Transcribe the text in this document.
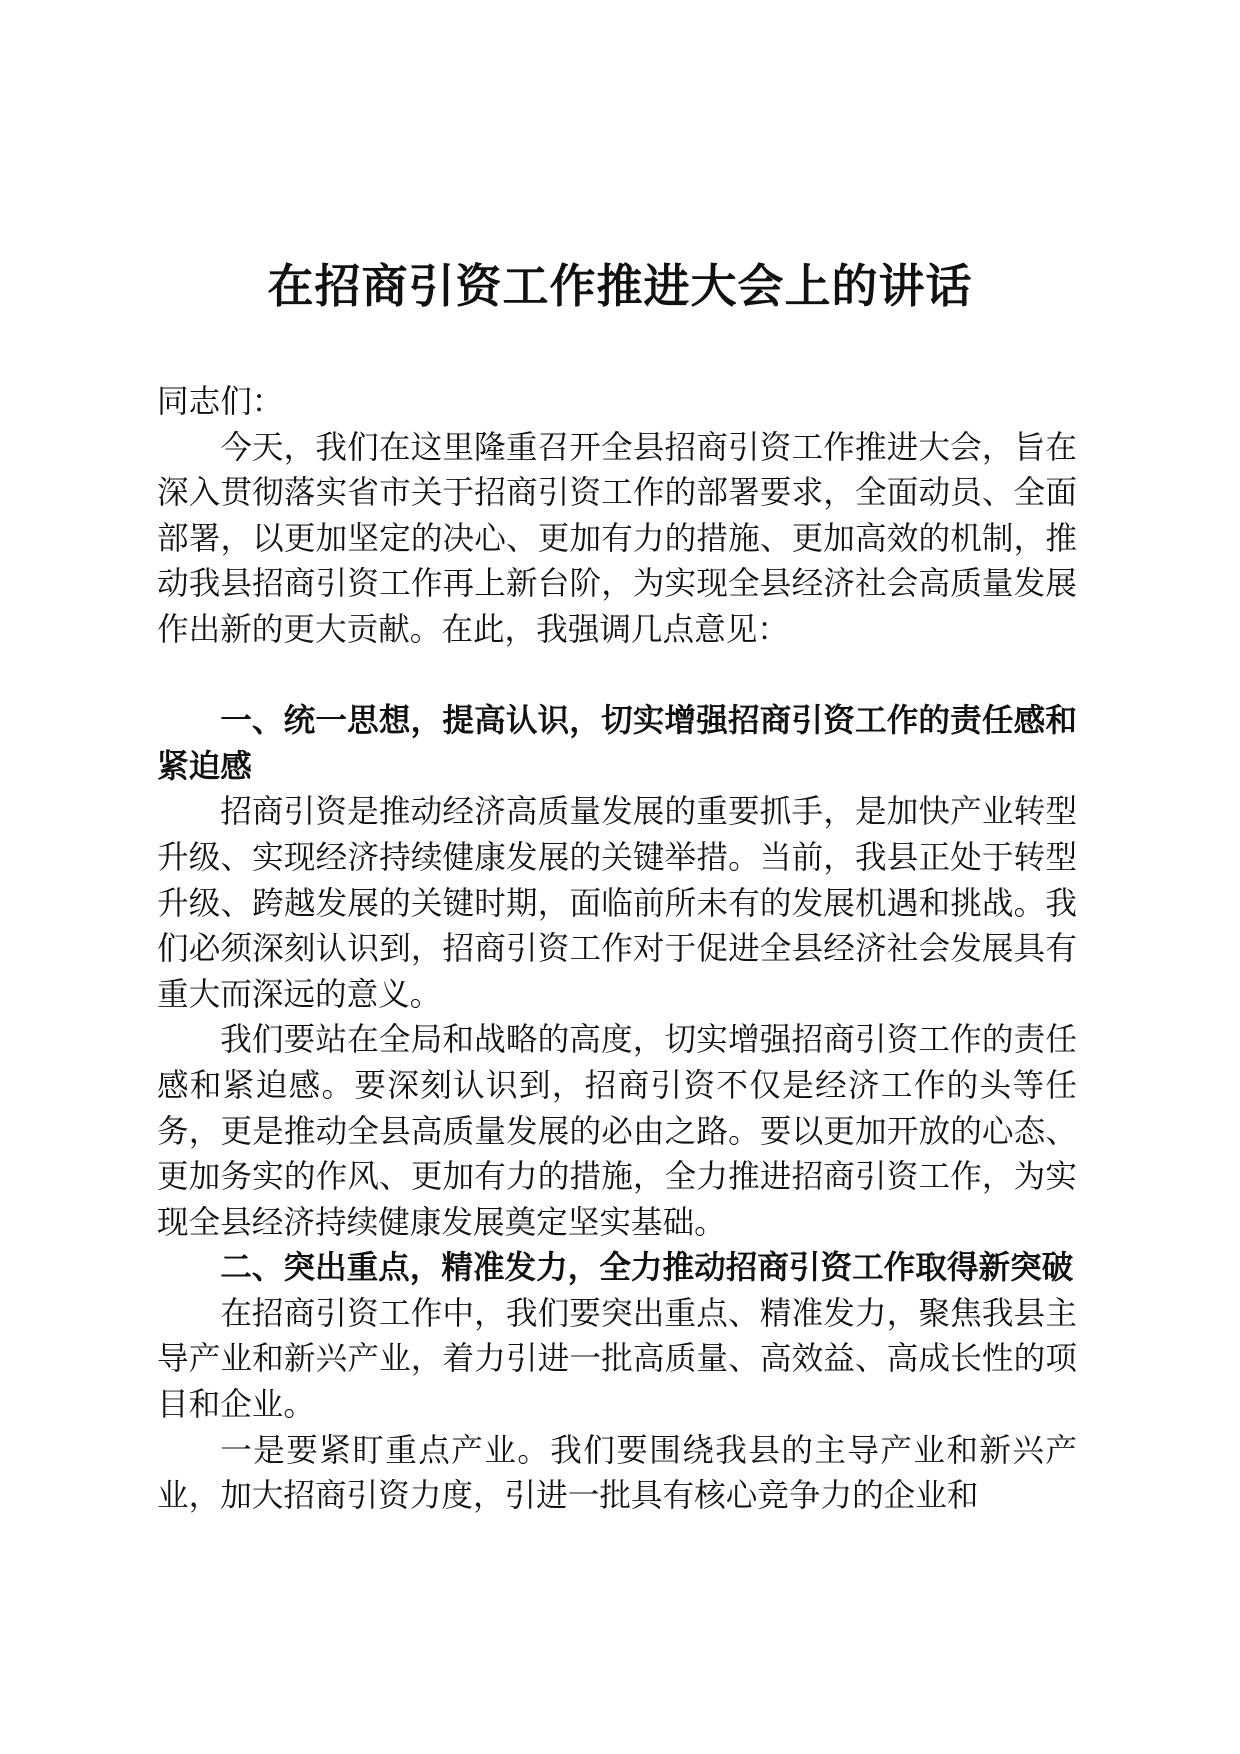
在招商引资工作推进大会上的讲话

同志们：

今天，我们在这里隆重召开全县招商引资工作推进大会，旨在深入贯彻落实省市关于招商引资工作的部署要求，全面动员、全面部署，以更加坚定的决心、更加有力的措施、更加高效的机制，推动我县招商引资工作再上新台阶，为实现全县经济社会高质量发展作出新的更大贡献。在此，我强调几点意见：

一、统一思想，提高认识，切实增强招商引资工作的责任感和紧迫感

招商引资是推动经济高质量发展的重要抓手，是加快产业转型升级、实现经济持续健康发展的关键举措。当前，我县正处于转型升级、跨越发展的关键时期，面临前所未有的发展机遇和挑战。我们必须深刻认识到，招商引资工作对于促进全县经济社会发展具有重大而深远的意义。

我们要站在全局和战略的高度，切实增强招商引资工作的责任感和紧迫感。要深刻认识到，招商引资不仅是经济工作的头等任务，更是推动全县高质量发展的必由之路。要以更加开放的心态、更加务实的作风、更加有力的措施，全力推进招商引资工作，为实现全县经济持续健康发展奠定坚实基础。

二、突出重点，精准发力，全力推动招商引资工作取得新突破

在招商引资工作中，我们要突出重点、精准发力，聚焦我县主导产业和新兴产业，着力引进一批高质量、高效益、高成长性的项目和企业。

一是要紧盯重点产业。我们要围绕我县的主导产业和新兴产业，加大招商引资力度，引进一批具有核心竞争力的企业和
